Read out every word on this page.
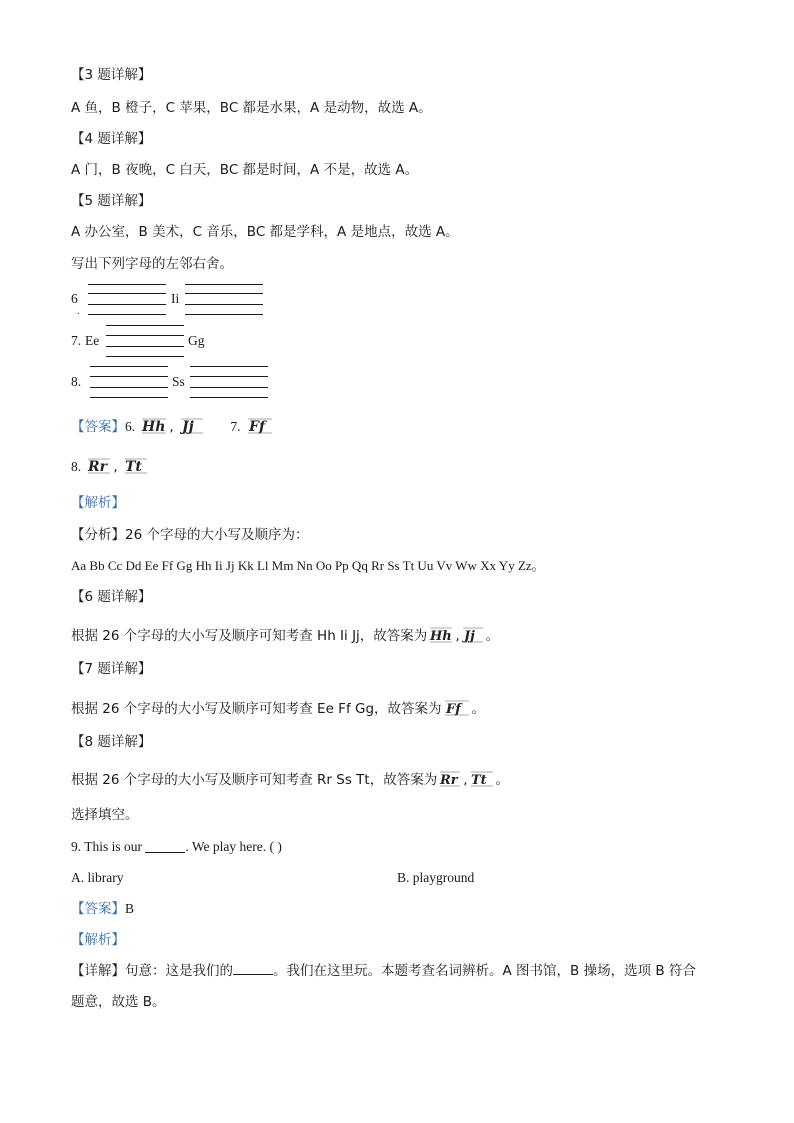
【3 题详解】
A 鱼，B 橙子，C 苹果，BC 都是水果，A 是动物，故选 A。
【4 题详解】
A 门，B 夜晚，C 白天，BC 都是时间，A 不是，故选 A。
【5 题详解】
A 办公室，B 美术，C 音乐，BC 都是学科，A 是地点，故选 A。
写出下列字母的左邻右舍。
6
.
Ii
7. Ee	Gg
8.	Ss
【答案】6. Hh , Jj	7. Ff
8. Rr , Tt
【解析】
【分析】26 个字母的大小写及顺序为：
Aa Bb Cc Dd Ee Ff Gg Hh Ii Jj Kk Ll Mm Nn Oo Pp Qq Rr Ss Tt Uu Vv Ww Xx Yy Zz。
【6 题详解】
根据 26 个字母的大小写及顺序可知考查 Hh Ii Jj，故答案为 Hh , Jj 。
【7 题详解】
根据 26 个字母的大小写及顺序可知考查 Ee Ff Gg，故答案为 Ff 。
【8 题详解】
根据 26 个字母的大小写及顺序可知考查 Rr Ss Tt，故答案为 Rr , Tt 。
选择填空。
9. This is our	. We play here. ( )
A. library	B. playground
【答案】B
【解析】
【详解】句意：这是我们的	。我们在这里玩。本题考查名词辨析。A 图书馆，B 操场，选项 B 符合
题意，故选 B。
